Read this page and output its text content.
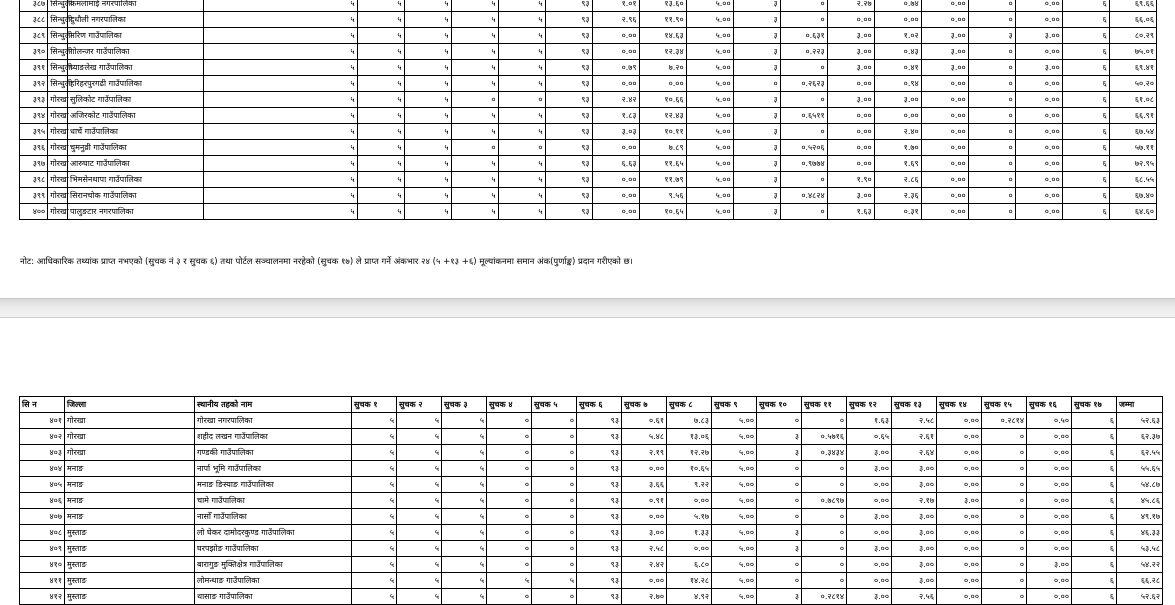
३८७	सिन्धुली	कमलामाई नगरपालिका	५	५	५	५	५	९३	१.०१	१३.६०	५.००	३	०	२.२७	०.७४	०.००	०	०.००	६	६९.६६
३८८	सिन्धुली	दुधौली नगरपालिका	५	५	५	५	५	९३	२.९६	११.९०	५.००	३	०	०.००	०.००	०.००	०	०.००	६	६६.०६
३८९	सिन्धुली	मरिण गाउँपालिका	५	५	५	५	५	९३	०.००	१४.६३	५.००	३	०.६३१	३.००	१.०२	३.००	३	३.००	६	८०.२९
३९०	सिन्धुली	गोलन्जर गाउँपालिका	५	५	५	५	५	९३	०.००	१२.३४	५.००	३	०.२२३	३.००	०.४३	३.००	०	०.००	६	७५.०१
३९१	सिन्धुली	घ्याङलेख गाउँपालिका	५	५	५	५	५	९३	०.७९	७.२०	५.००	३	०	३.००	०.४१	३.००	०	३.००	६	६९.४१
३९२	सिन्धुली	हरिहरपुरगढी गाउँपालिका	५	५	५	५	५	९३	०.००	०.००	५.००	०	०.२६२३	०.००	०.९४	०.००	०	०.००	६	५०.२०
३९३	गोरखा	सुलिकोट गाउँपालिका	५	५	५	०	०	९३	२.४२	१०.६६	५.००	३	०	३.००	३.००	०.००	०	०.००	६	६१.०८
३९४	गोरखा	अजिरकोट गाउँपालिका	५	५	५	५	५	९३	१.८३	१२.४३	५.००	३	०.६५११	०.००	०.००	०.००	०	०.००	६	६६.९१
३९५	गोरखा	धार्चे गाउँपालिका	५	५	५	५	५	९३	३.०३	१०.११	५.००	३	०	०.००	२.४०	०.००	०	०.००	६	६७.५४
३९६	गोरखा	चुमनुव्री गाउँपालिका	५	५	५	०	०	९३	०.००	७.८९	५.००	३	०.५२०६	०.००	१.७०	०.००	०	०.००	६	५७.११
३९७	गोरखा	आरुघाट गाउँपालिका	५	५	५	५	५	९३	६.६३	११.६५	५.००	३	०.९७७४	०.००	१.६९	०.००	०	०.००	६	७२.९५
३९८	गोरखा	भिमसेनथापा गाउँपालिका	५	५	५	५	५	९३	०.००	११.७९	५.००	३	०	१.९०	२.८६	०.००	०	०.००	६	६८.५५
३९९	गोरखा	सिरानचोक गाउँपालिका	५	५	५	५	५	९३	०.००	९.५६	५.००	३	०.४८२४	३.००	२.३६	०.००	०	०.००	६	६७.४०
४००	गोरखा	पालुङटार नगरपालिका	५	५	५	५	५	९३	०.००	१०.६५	५.००	३	०	१.६३	०.३१	०.००	०	०.००	६	६४.६०
नोट: आधिकारिक तथ्यांक प्राप्त नभएको (सुचक नं ३ र सुचक ६) तथा पोर्टल सञ्चालनमा नरहेको (सुचक १७) ले प्राप्त गर्ने अंकभार २४ (५ +१३ +६) मूल्यांकनमा समान अंक(पुर्णाङ्क) प्रदान गरीएको छ।
सि न	जिल्ला	स्थानीय तहको नाम	सुचक १	सुचक २	सुचक ३	सुचक ४	सुचक ५	सुचक ६	सुचक ७	सुचक ८	सुचक ९	सुचक १०	सुचक ११	सुचक १२	सुचक १३	सुचक १४	सुचक १५	सुचक १६	सुचक १७	जम्मा
४०१	गोरखा	गोरखा नगरपालिका	५	५	५	०	०	९३	०.६१	७.८३	५.००	०	०	१.६३	२.५८	०.००	०.२८१४	०.५०	६	५२.६३
४०२	गोरखा	शहीद लखन गाउँपालिका	५	५	५	०	०	९३	५.४८	१३.०६	५.००	३	०.५७१६	०.६५	२.६१	०.००	०	०.००	६	६२.३७
४०३	गोरखा	गण्डकी गाउँपालिका	५	५	५	०	०	९३	२.१९	१२.२७	५.००	३	०.३४३४	३.००	२.६४	०.००	०	०.००	६	६२.५५
४०४	मनाङ	नार्पा भूमि गाउँपालिका	५	५	५	०	०	९३	०.००	१०.६५	५.००	०	०	३.००	३.००	०.००	०	०.००	६	५५.६५
४०५	मनाङ	मनाङ ङिस्याङ गाउँपालिका	५	५	५	०	०	९३	३.६६	९.२२	५.००	०	०	०.००	३.००	०.००	०	०.००	६	५४.८७
४०६	मनाङ	चामे गाउँपालिका	५	५	५	०	०	९३	०.९१	०.००	५.००	०	०.७८९७	०.००	२.१७	३.००	०	०.००	६	४५.८६
४०७	मनाङ	नासोँ गाउँपालिका	५	५	५	०	०	९३	०.००	५.१७	५.००	०	०	३.००	३.००	०.००	०	०.००	६	४९.१७
४०८	मुस्ताङ	लो घेकर दामोदरकुण्ड गाउँपालिका	५	५	५	०	०	९३	३.००	१.३३	५.००	३	०	०.००	३.००	०.००	०	०.००	६	४६.३३
४०९	मुस्ताङ	घरपझोङ गाउँपालिका	५	५	५	०	०	९३	२.५८	०.००	५.००	३	०	३.००	३.००	०.००	०	०.००	६	५३.५८
४१०	मुस्ताङ	बारागुङ मुक्तिक्षेत्र गाउँपालिका	५	५	५	०	०	९३	२.४२	६.८०	५.००	०	०	०.००	३.००	०.००	०	३.००	६	५४.२२
४११	मुस्ताङ	लोमन्थाङ गाउँपालिका	५	५	५	५	५	९३	०.००	१४.२८	५.००	०	०	०.००	३.००	०.००	०	०.००	६	६६.२८
४१२	मुस्ताङ	थासाङ गाउँपालिका	५	५	५	०	०	९३	२.७०	४.९२	५.००	३	०.२८१४	३.००	२.५६	०.००	०	०.००	६	५२.६२
